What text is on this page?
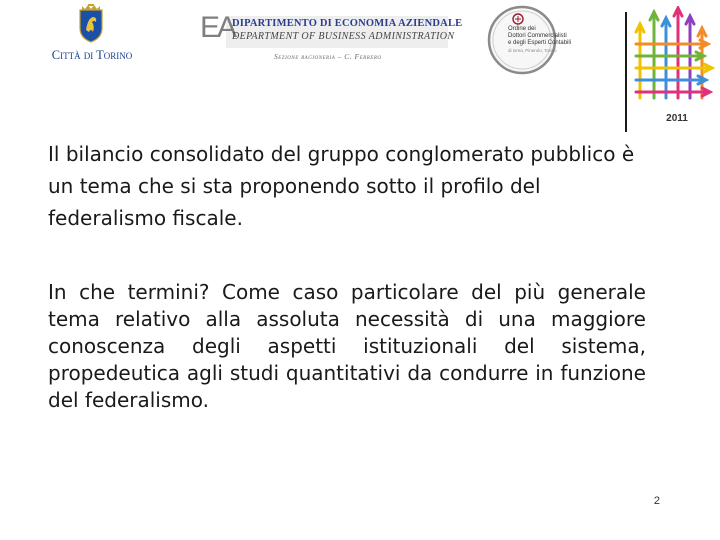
Città di Torino
EA
DIPARTIMENTO DI ECONOMIA AZIENDALE
DEPARTMENT OF BUSINESS ADMINISTRATION
Sezione ragioneria – C. Ferrero
Ordine dei
Dottori Commercialisti
e degli Esperti Contabili
di Ivrea, Pinerolo, Torino
2011

Il bilancio consolidato del gruppo conglomerato pubblico è un tema che si sta proponendo sotto il profilo del federalismo fiscale.

In che termini? Come caso particolare del più generale tema relativo alla assoluta necessità di una maggiore conoscenza degli aspetti istituzionali del sistema, propedeutica agli studi quantitativi da condurre in funzione del federalismo.

2
